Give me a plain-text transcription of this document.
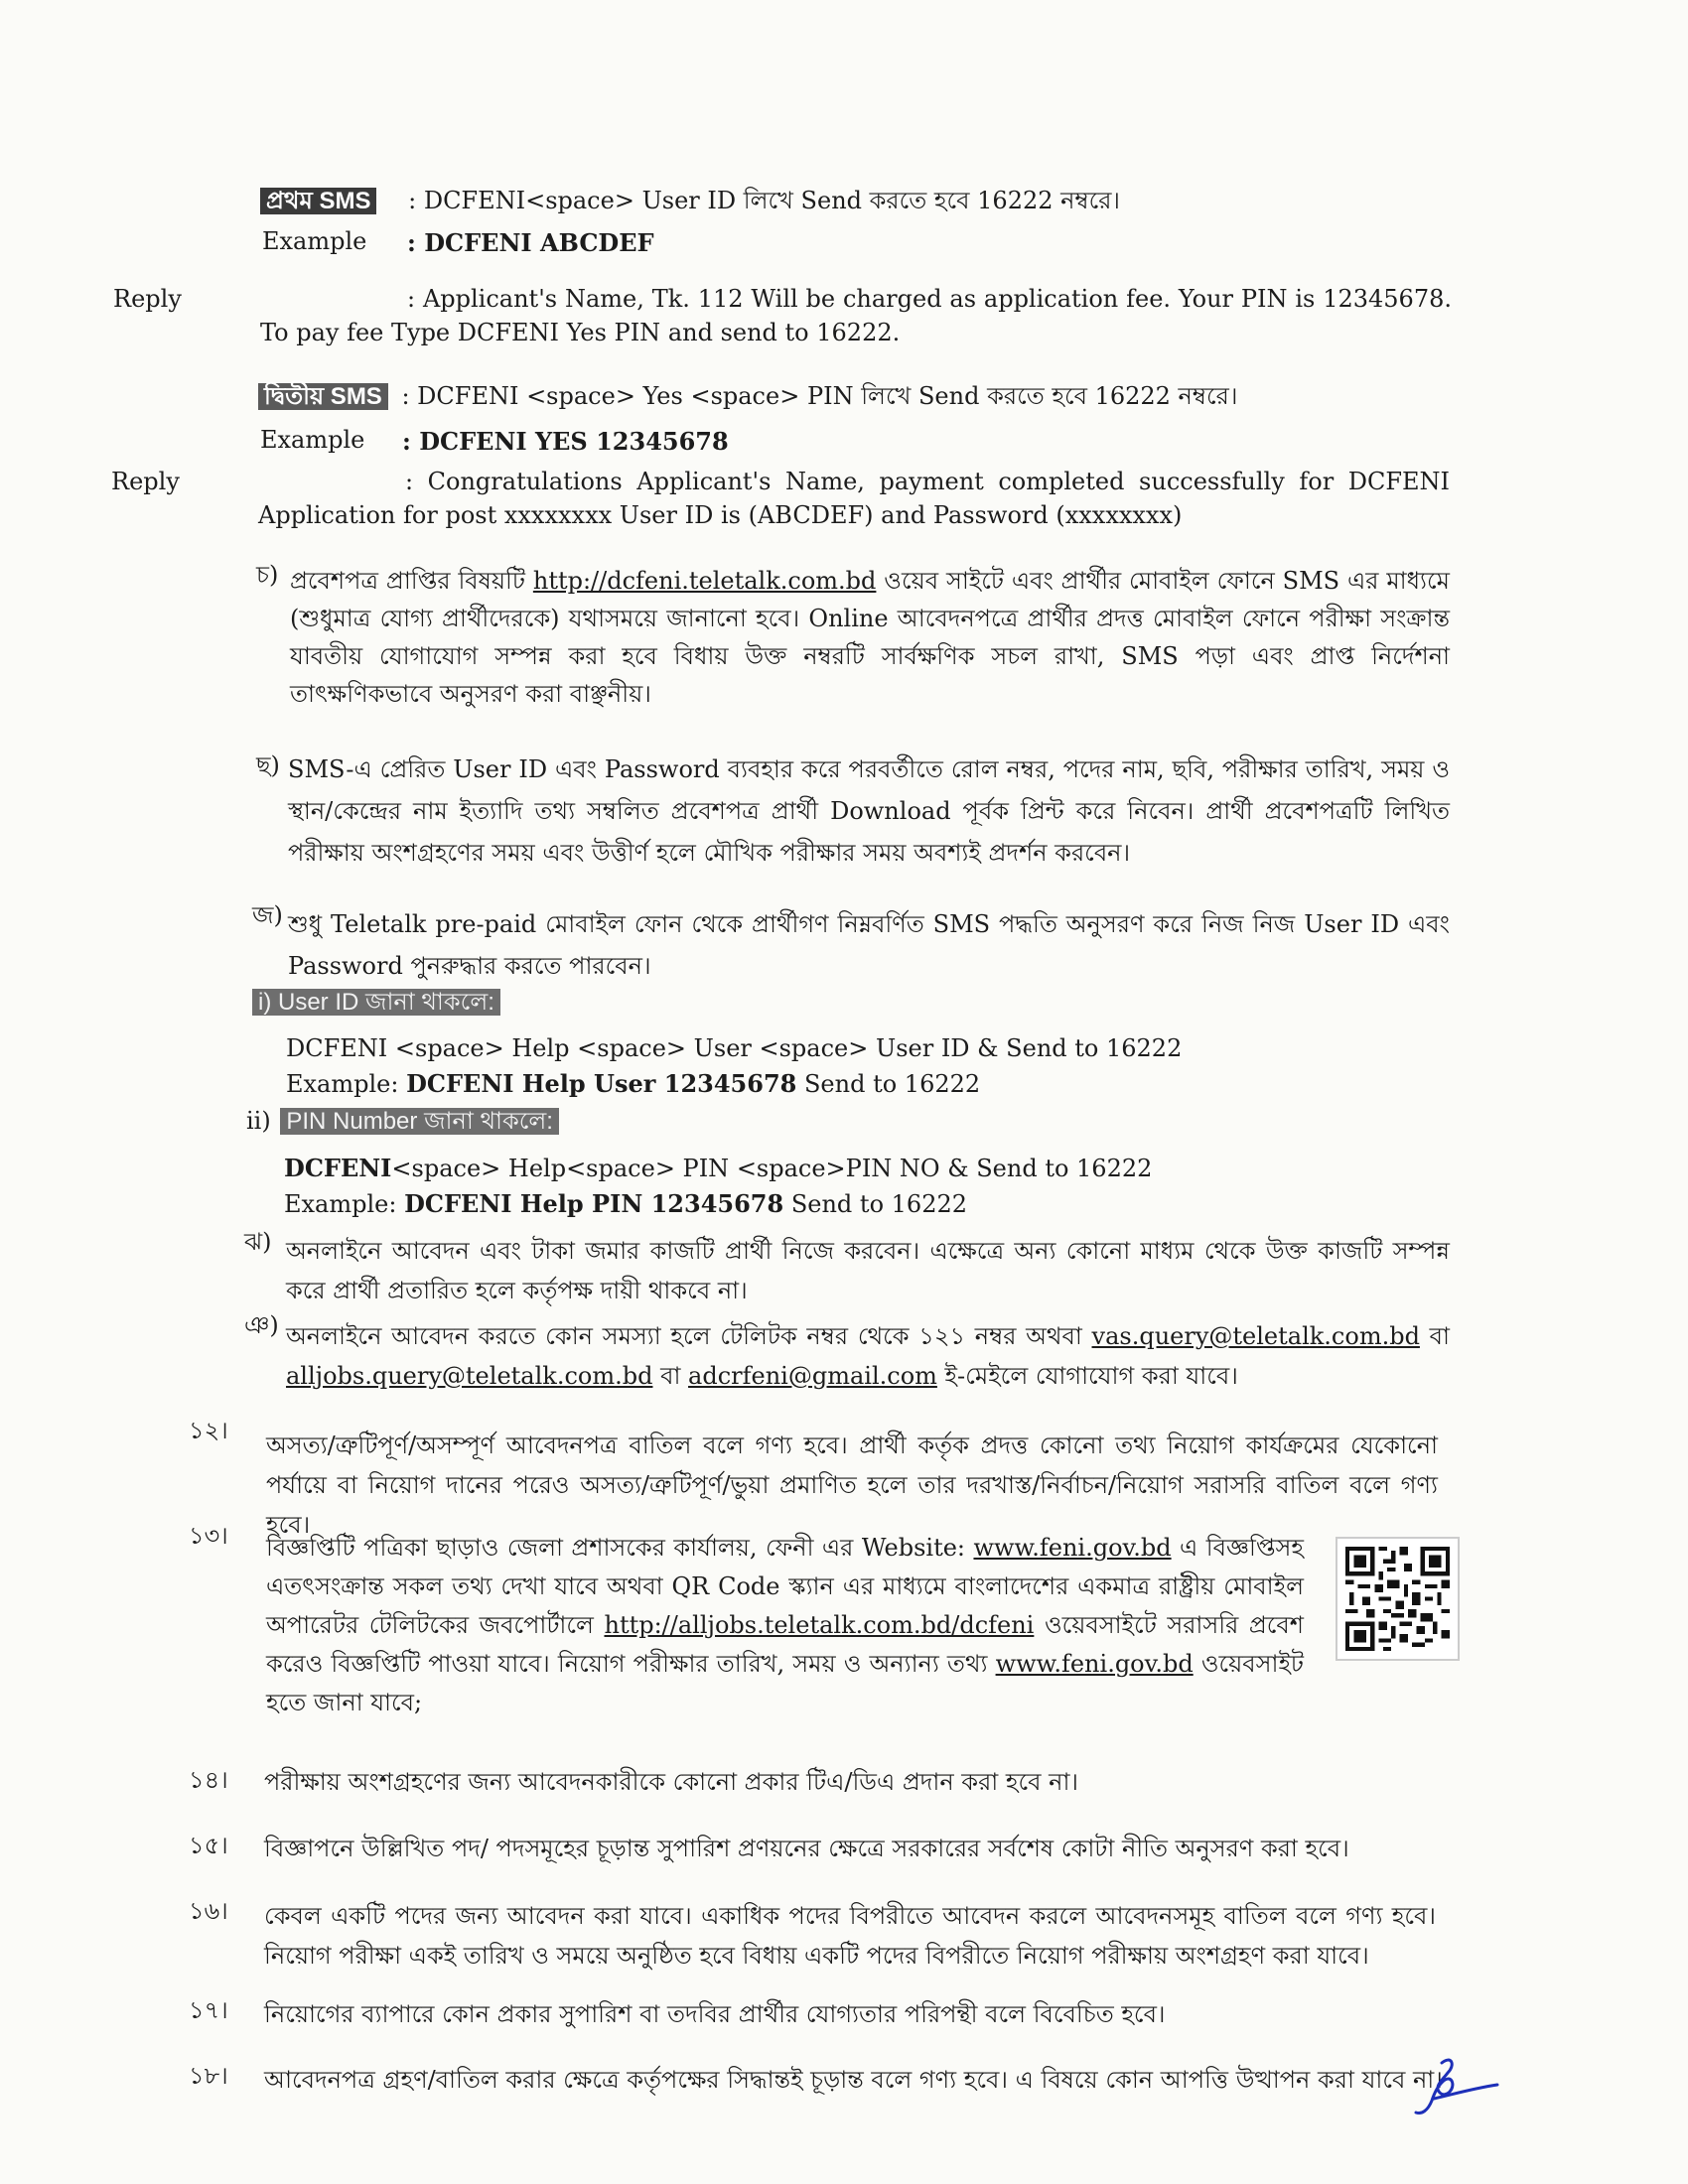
প্রথম SMS : DCFENI<space> User ID লিখে Send করতে হবে 16222 নম্বরে।
Example : DCFENI ABCDEF
Reply	: Applicant's Name, Tk. 112 Will be charged as application fee. Your PIN is 12345678. To pay fee Type DCFENI Yes PIN and send to 16222.
দ্বিতীয় SMS : DCFENI <space> Yes <space> PIN লিখে Send করতে হবে 16222 নম্বরে।
Example : DCFENI YES 12345678
Reply	: Congratulations Applicant's Name, payment completed successfully for DCFENI Application for post xxxxxxxx User ID is (ABCDEF) and Password (xxxxxxxx)
চ) প্রবেশপত্র প্রাপ্তির বিষয়টি http://dcfeni.teletalk.com.bd ওয়েব সাইটে এবং প্রার্থীর মোবাইল ফোনে SMS এর মাধ্যমে (শুধুমাত্র যোগ্য প্রার্থীদেরকে) যথাসময়ে জানানো হবে। Online আবেদনপত্রে প্রার্থীর প্রদত্ত মোবাইল ফোনে পরীক্ষা সংক্রান্ত যাবতীয় যোগাযোগ সম্পন্ন করা হবে বিধায় উক্ত নম্বরটি সার্বক্ষণিক সচল রাখা, SMS পড়া এবং প্রাপ্ত নির্দেশনা তাৎক্ষণিকভাবে অনুসরণ করা বাঞ্ছনীয়।
ছ) SMS-এ প্রেরিত User ID এবং Password ব্যবহার করে পরবর্তীতে রোল নম্বর, পদের নাম, ছবি, পরীক্ষার তারিখ, সময় ও স্থান/কেন্দ্রের নাম ইত্যাদি তথ্য সম্বলিত প্রবেশপত্র প্রার্থী Download পূর্বক প্রিন্ট করে নিবেন। প্রার্থী প্রবেশপত্রটি লিখিত পরীক্ষায় অংশগ্রহণের সময় এবং উত্তীর্ণ হলে মৌখিক পরীক্ষার সময় অবশ্যই প্রদর্শন করবেন।
জ) শুধু Teletalk pre-paid মোবাইল ফোন থেকে প্রার্থীগণ নিম্নবর্ণিত SMS পদ্ধতি অনুসরণ করে নিজ নিজ User ID এবং Password পুনরুদ্ধার করতে পারবেন।
i) User ID জানা থাকলে:
DCFENI <space> Help <space> User <space> User ID & Send to 16222
Example: DCFENI Help User 12345678 Send to 16222
ii) PIN Number জানা থাকলে:
DCFENI<space> Help<space> PIN <space>PIN NO & Send to 16222
Example: DCFENI Help PIN 12345678 Send to 16222
ঝ) অনলাইনে আবেদন এবং টাকা জমার কাজটি প্রার্থী নিজে করবেন। এক্ষেত্রে অন্য কোনো মাধ্যম থেকে উক্ত কাজটি সম্পন্ন করে প্রার্থী প্রতারিত হলে কর্তৃপক্ষ দায়ী থাকবে না।
ঞ) অনলাইনে আবেদন করতে কোন সমস্যা হলে টেলিটক নম্বর থেকে ১২১ নম্বর অথবা vas.query@teletalk.com.bd বা alljobs.query@teletalk.com.bd বা adcrfeni@gmail.com ই-মেইলে যোগাযোগ করা যাবে।
১২।
অসত্য/ত্রুটিপূর্ণ/অসম্পূর্ণ আবেদনপত্র বাতিল বলে গণ্য হবে। প্রার্থী কর্তৃক প্রদত্ত কোনো তথ্য নিয়োগ কার্যক্রমের যেকোনো পর্যায়ে বা নিয়োগ দানের পরেও অসত্য/ত্রুটিপূর্ণ/ভুয়া প্রমাণিত হলে তার দরখাস্ত/নির্বাচন/নিয়োগ সরাসরি বাতিল বলে গণ্য হবে।
১৩। বিজ্ঞপ্তিটি পত্রিকা ছাড়াও জেলা প্রশাসকের কার্যালয়, ফেনী এর Website: www.feni.gov.bd এ বিজ্ঞপ্তিসহ এতৎসংক্রান্ত সকল তথ্য দেখা যাবে অথবা QR Code স্ক্যান এর মাধ্যমে বাংলাদেশের একমাত্র রাষ্ট্রীয় মোবাইল অপারেটর টেলিটকের জবপোর্টালে http://alljobs.teletalk.com.bd/dcfeni ওয়েবসাইটে সরাসরি প্রবেশ করেও বিজ্ঞপ্তিটি পাওয়া যাবে। নিয়োগ পরীক্ষার তারিখ, সময় ও অন্যান্য তথ্য www.feni.gov.bd ওয়েবসাইট হতে জানা যাবে;
১৪। পরীক্ষায় অংশগ্রহণের জন্য আবেদনকারীকে কোনো প্রকার টিএ/ডিএ প্রদান করা হবে না।
১৫। বিজ্ঞাপনে উল্লিখিত পদ/ পদসমূহের চূড়ান্ত সুপারিশ প্রণয়নের ক্ষেত্রে সরকারের সর্বশেষ কোটা নীতি অনুসরণ করা হবে।
১৬। কেবল একটি পদের জন্য আবেদন করা যাবে। একাধিক পদের বিপরীতে আবেদন করলে আবেদনসমূহ বাতিল বলে গণ্য হবে। নিয়োগ পরীক্ষা একই তারিখ ও সময়ে অনুষ্ঠিত হবে বিধায় একটি পদের বিপরীতে নিয়োগ পরীক্ষায় অংশগ্রহণ করা যাবে।
১৭। নিয়োগের ব্যাপারে কোন প্রকার সুপারিশ বা তদবির প্রার্থীর যোগ্যতার পরিপন্থী বলে বিবেচিত হবে।
১৮। আবেদনপত্র গ্রহণ/বাতিল করার ক্ষেত্রে কর্তৃপক্ষের সিদ্ধান্তই চূড়ান্ত বলে গণ্য হবে। এ বিষয়ে কোন আপত্তি উত্থাপন করা যাবে না।
